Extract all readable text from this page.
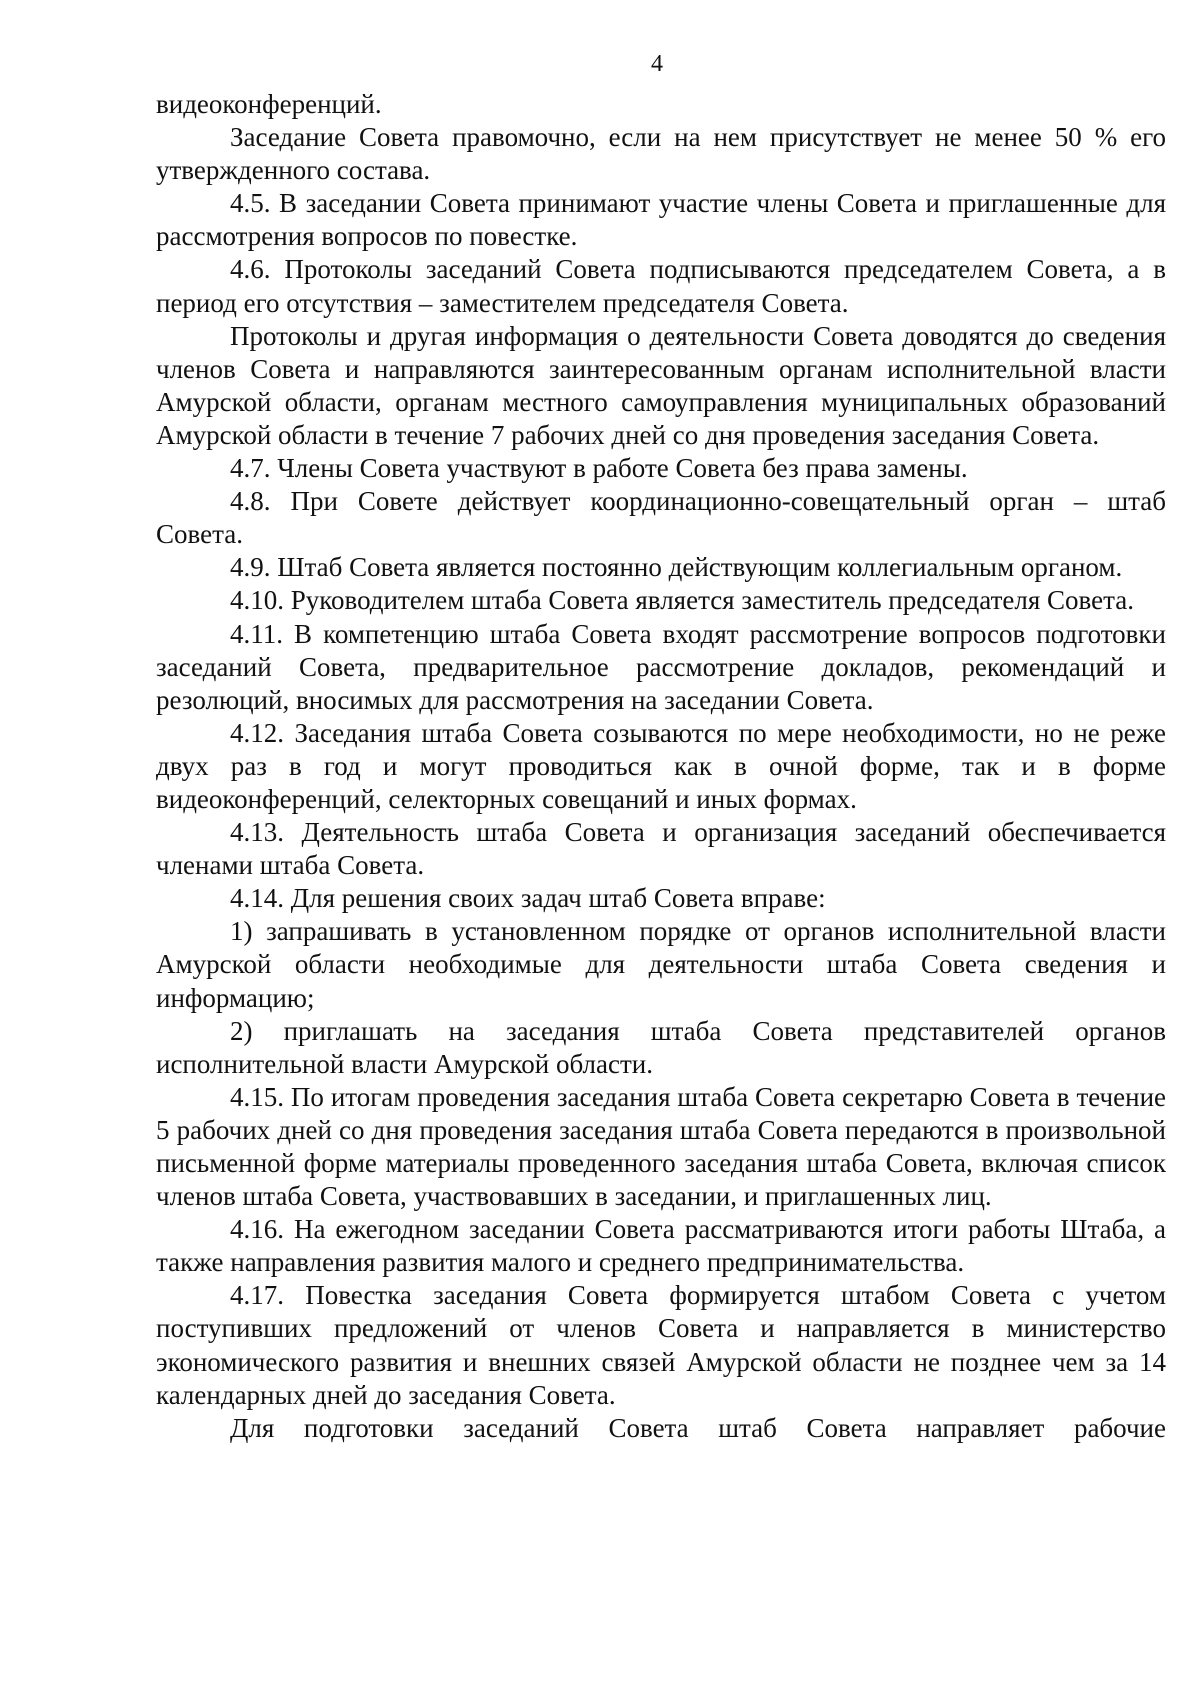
4

видеоконференций.

Заседание Совета правомочно, если на нем присутствует не менее 50 % его утвержденного состава.

4.5. В заседании Совета принимают участие члены Совета и приглашенные для рассмотрения вопросов по повестке.

4.6. Протоколы заседаний Совета подписываются председателем Совета, а в период его отсутствия – заместителем председателя Совета.

Протоколы и другая информация о деятельности Совета доводятся до сведения членов Совета и направляются заинтересованным органам исполнительной власти Амурской области, органам местного самоуправления муниципальных образований Амурской области в течение 7 рабочих дней со дня проведения заседания Совета.

4.7. Члены Совета участвуют в работе Совета без права замены.

4.8. При Совете действует координационно-совещательный орган – штаб Совета.

4.9. Штаб Совета является постоянно действующим коллегиальным органом.

4.10. Руководителем штаба Совета является заместитель председателя Совета.

4.11. В компетенцию штаба Совета входят рассмотрение вопросов подготовки заседаний Совета, предварительное рассмотрение докладов, рекомендаций и резолюций, вносимых для рассмотрения на заседании Совета.

4.12. Заседания штаба Совета созываются по мере необходимости, но не реже двух раз в год и могут проводиться как в очной форме, так и в форме видеоконференций, селекторных совещаний и иных формах.

4.13. Деятельность штаба Совета и организация заседаний обеспечивается членами штаба Совета.

4.14. Для решения своих задач штаб Совета вправе:

1) запрашивать в установленном порядке от органов исполнительной власти Амурской области необходимые для деятельности штаба Совета сведения и информацию;

2) приглашать на заседания штаба Совета представителей органов исполнительной власти Амурской области.

4.15. По итогам проведения заседания штаба Совета секретарю Совета в течение 5 рабочих дней со дня проведения заседания штаба Совета передаются в произвольной письменной форме материалы проведенного заседания штаба Совета, включая список членов штаба Совета, участвовавших в заседании, и приглашенных лиц.

4.16. На ежегодном заседании Совета рассматриваются итоги работы Штаба, а также направления развития малого и среднего предпринимательства.

4.17. Повестка заседания Совета формируется штабом Совета с учетом поступивших предложений от членов Совета и направляется в министерство экономического развития и внешних связей Амурской области не позднее чем за 14 календарных дней до заседания Совета.

Для подготовки заседаний Совета штаб Совета направляет рабочие
